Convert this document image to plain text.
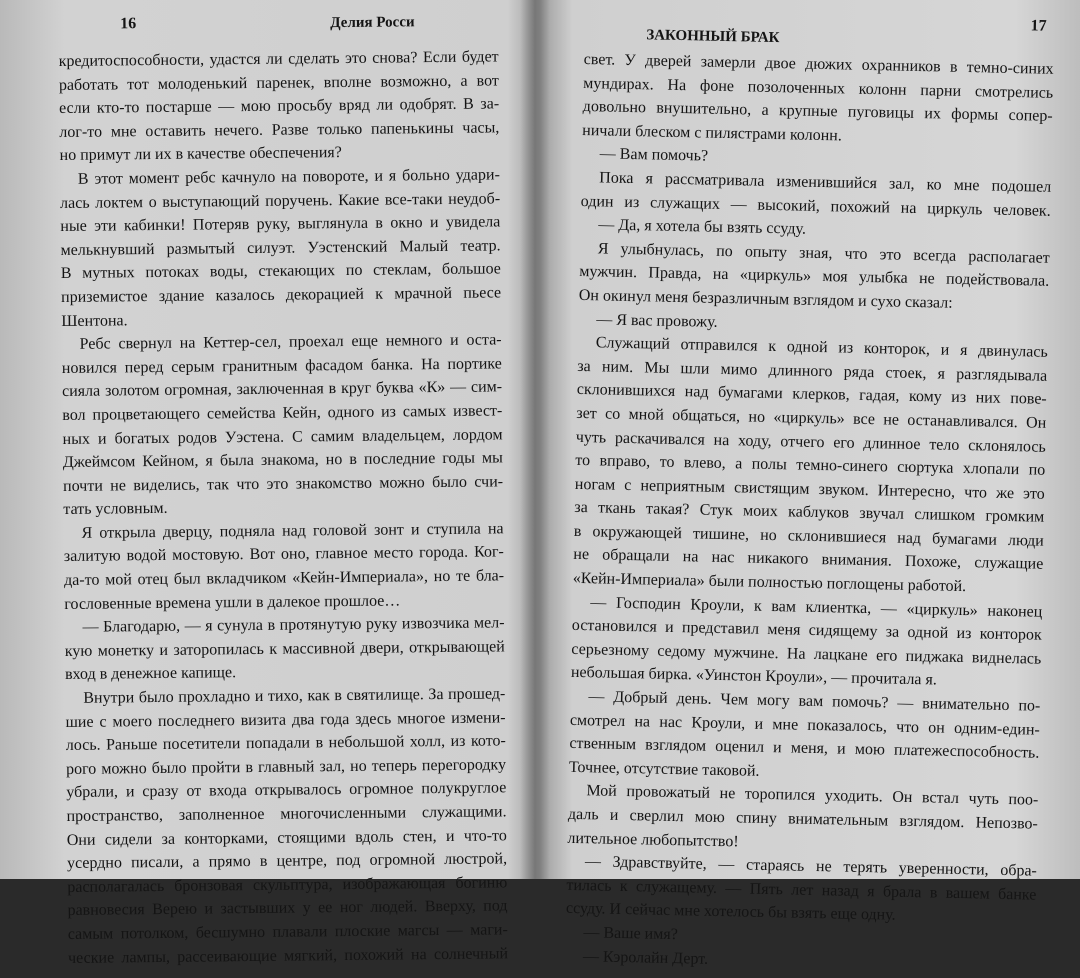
16	Делия Росси
кредитоспособности, удастся ли сделать это снова? Если будет
работать тот молоденький паренек, вполне возможно, а вот
если кто-то постарше — мою просьбу вряд ли одобрят. В за-
лог-то мне оставить нечего. Разве только папенькины часы,
но примут ли их в качестве обеспечения?
В этот момент ребс качнуло на повороте, и я больно удари-
лась локтем о выступающий поручень. Какие все-таки неудоб-
ные эти кабинки! Потеряв руку, выглянула в окно и увидела
мелькнувший размытый силуэт. Уэстенский Малый театр.
В мутных потоках воды, стекающих по стеклам, большое
приземистое здание казалось декорацией к мрачной пьесе
Шентона.
Ребс свернул на Кеттер-сел, проехал еще немного и оста-
новился перед серым гранитным фасадом банка. На портике
сияла золотом огромная, заключенная в круг буква «К» — сим-
вол процветающего семейства Кейн, одного из самых извест-
ных и богатых родов Уэстена. С самим владельцем, лордом
Джеймсом Кейном, я была знакома, но в последние годы мы
почти не виделись, так что это знакомство можно было счи-
тать условным.
Я открыла дверцу, подняла над головой зонт и ступила на
залитую водой мостовую. Вот оно, главное место города. Ког-
да-то мой отец был вкладчиком «Кейн-Империала», но те бла-
гословенные времена ушли в далекое прошлое…
— Благодарю, — я сунула в протянутую руку извозчика мел-
кую монетку и заторопилась к массивной двери, открывающей
вход в денежное капище.
Внутри было прохладно и тихо, как в святилище. За прошед-
шие с моего последнего визита два года здесь многое измени-
лось. Раньше посетители попадали в небольшой холл, из кото-
рого можно было пройти в главный зал, но теперь перегородку
убрали, и сразу от входа открывалось огромное полукруглое
пространство, заполненное многочисленными служащими.
Они сидели за конторками, стоящими вдоль стен, и что-то
усердно писали, а прямо в центре, под огромной люстрой,
располагалась бронзовая скульптура, изображающая богиню
равновесия Верею и застывших у ее ног людей. Вверху, под
самым потолком, бесшумно плавали плоские магсы — маги-
ческие лампы, рассеивающие мягкий, похожий на солнечный
ЗАКОННЫЙ БРАК
17
свет. У дверей замерли двое дюжих охранников в темно-синих
мундирах. На фоне позолоченных колонн парни смотрелись
довольно внушительно, а крупные пуговицы их формы сопер-
ничали блеском с пилястрами колонн.
— Вам помочь?
Пока я рассматривала изменившийся зал, ко мне подошел
один из служащих — высокий, похожий на циркуль человек.
— Да, я хотела бы взять ссуду.
Я улыбнулась, по опыту зная, что это всегда располагает
мужчин. Правда, на «циркуль» моя улыбка не подействовала.
Он окинул меня безразличным взглядом и сухо сказал:
— Я вас провожу.
Служащий отправился к одной из конторок, и я двинулась
за ним. Мы шли мимо длинного ряда стоек, я разглядывала
склонившихся над бумагами клерков, гадая, кому из них пове-
зет со мной общаться, но «циркуль» все не останавливался. Он
чуть раскачивался на ходу, отчего его длинное тело склонялось
то вправо, то влево, а полы темно-синего сюртука хлопали по
ногам с неприятным свистящим звуком. Интересно, что же это
за ткань такая? Стук моих каблуков звучал слишком громким
в окружающей тишине, но склонившиеся над бумагами люди
не обращали на нас никакого внимания. Похоже, служащие
«Кейн-Империала» были полностью поглощены работой.
— Господин Кроули, к вам клиентка, — «циркуль» наконец
остановился и представил меня сидящему за одной из конторок
серьезному седому мужчине. На лацкане его пиджака виднелась
небольшая бирка. «Уинстон Кроули», — прочитала я.
— Добрый день. Чем могу вам помочь? — внимательно по-
смотрел на нас Кроули, и мне показалось, что он одним-един-
ственным взглядом оценил и меня, и мою платежеспособность.
Точнее, отсутствие таковой.
Мой провожатый не торопился уходить. Он встал чуть поо-
даль и сверлил мою спину внимательным взглядом. Непозво-
лительное любопытство!
— Здравствуйте, — стараясь не терять уверенности, обра-
тилась к служащему. — Пять лет назад я брала в вашем банке
ссуду. И сейчас мне хотелось бы взять еще одну.
— Ваше имя?
— Кэролайн Дерт.
